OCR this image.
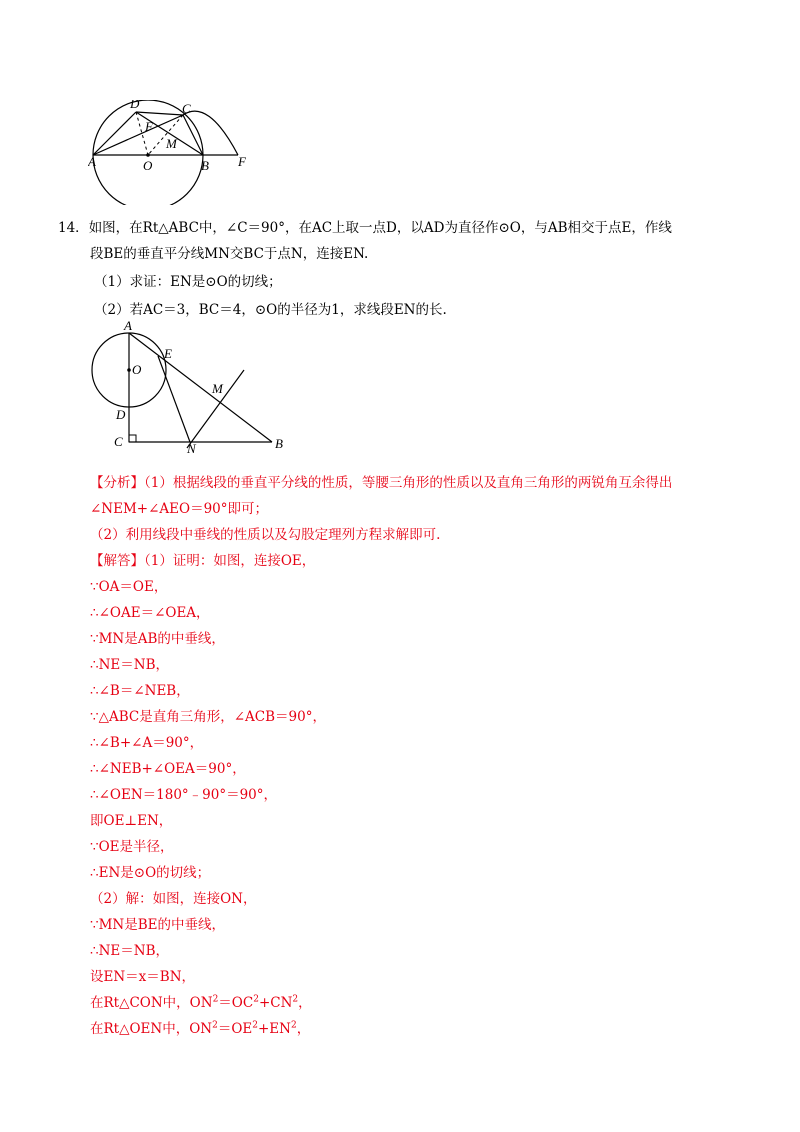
D	C
F
M
A	O	B F
14．如图，在Rt△ABC中，∠C＝90°，在AC上取一点D，以AD为直径作⊙O，与AB相交于点E，作线
段BE的垂直平分线MN交BC于点N，连接EN.
（1）求证：EN是⊙O的切线；
（2）若AC＝3，BC＝4，⊙O的半径为1，求线段EN的长.
A
E
O
M
D
C	N	B
【分析】（1）根据线段的垂直平分线的性质，等腰三角形的性质以及直角三角形的两锐角互余得出
∠NEM+∠AEO＝90°即可；
（2）利用线段中垂线的性质以及勾股定理列方程求解即可.
【解答】（1）证明：如图，连接OE，
∵OA＝OE，
∴∠OAE＝∠OEA，
∵MN是AB的中垂线，
∴NE＝NB，
∴∠B＝∠NEB，
∵△ABC是直角三角形，∠ACB＝90°，
∴∠B+∠A＝90°，
∴∠NEB+∠OEA＝90°，
∴∠OEN＝180°﹣90°＝90°，
即OE⊥EN，
∵OE是半径，
∴EN是⊙O的切线；
（2）解：如图，连接ON，
∵MN是BE的中垂线，
∴NE＝NB，
设EN＝x＝BN，
在Rt△CON中，$ON^2=OC^2+CN^2$，
在Rt△OEN中，$ON^2=OE^2+EN^2$，
